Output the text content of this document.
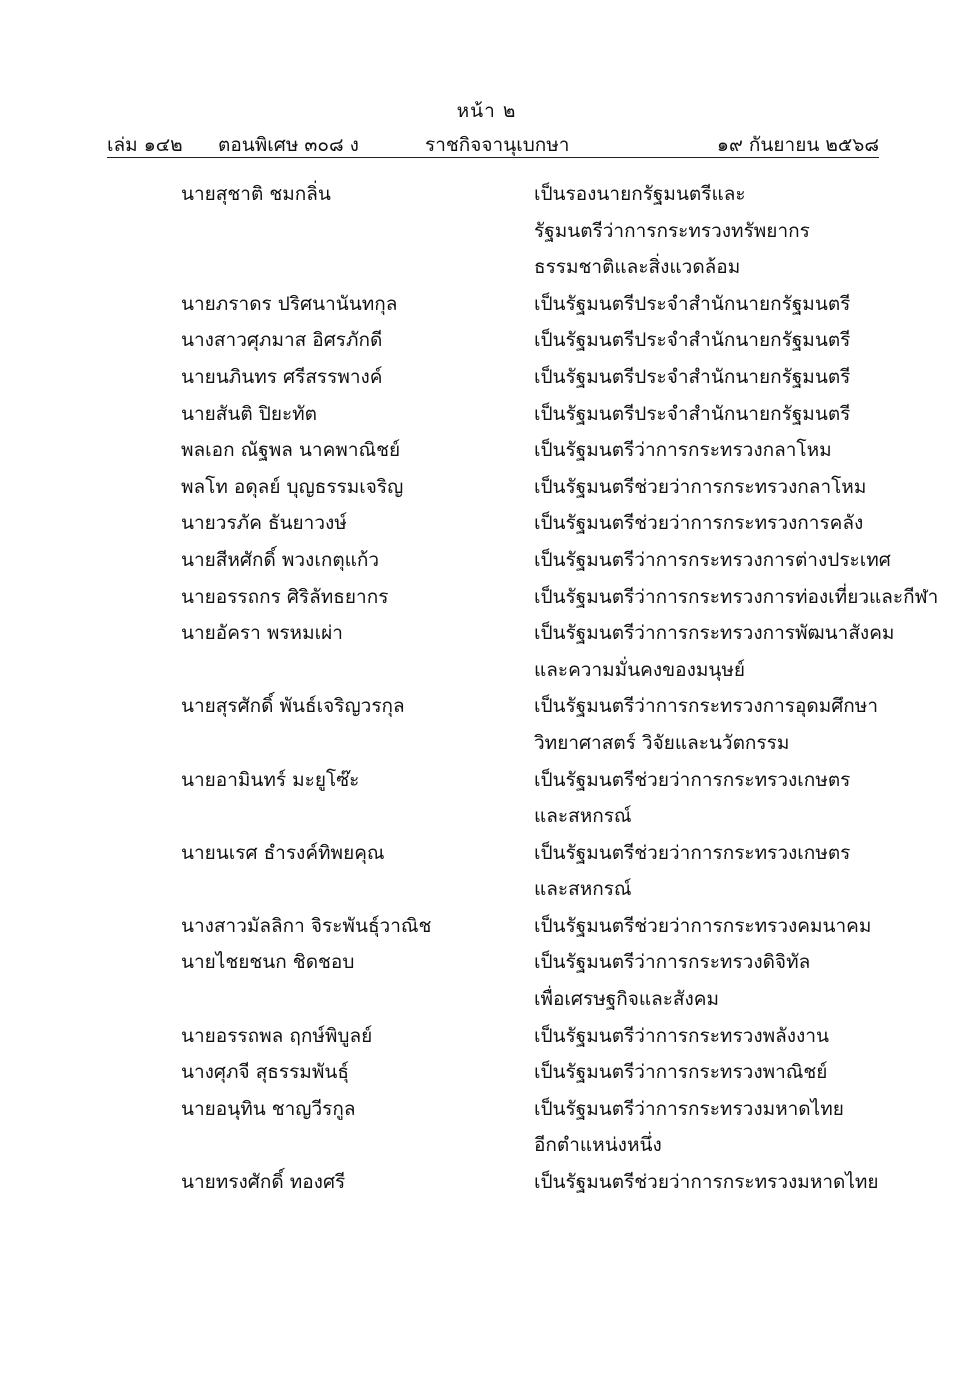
หน้า ๒
เล่ม ๑๔๒ ตอนพิเศษ ๓๐๘ ง	ราชกิจจานุเบกษา	๑๙ กันยายน ๒๕๖๘
นายสุชาติ ชมกลิ่น	เป็นรองนายกรัฐมนตรีและ
รัฐมนตรีว่าการกระทรวงทรัพยากร
ธรรมชาติและสิ่งแวดล้อม
นายภราดร ปริศนานันทกุล	เป็นรัฐมนตรีประจำสำนักนายกรัฐมนตรี
นางสาวศุภมาส อิศรภักดี	เป็นรัฐมนตรีประจำสำนักนายกรัฐมนตรี
นายนภินทร ศรีสรรพางค์	เป็นรัฐมนตรีประจำสำนักนายกรัฐมนตรี
นายสันติ ปิยะทัต	เป็นรัฐมนตรีประจำสำนักนายกรัฐมนตรี
พลเอก ณัฐพล นาคพาณิชย์	เป็นรัฐมนตรีว่าการกระทรวงกลาโหม
พลโท อดุลย์ บุญธรรมเจริญ	เป็นรัฐมนตรีช่วยว่าการกระทรวงกลาโหม
นายวรภัค ธันยาวงษ์	เป็นรัฐมนตรีช่วยว่าการกระทรวงการคลัง
นายสีหศักดิ์ พวงเกตุแก้ว	เป็นรัฐมนตรีว่าการกระทรวงการต่างประเทศ
นายอรรถกร ศิริลัทธยากร	เป็นรัฐมนตรีว่าการกระทรวงการท่องเที่ยวและกีฬา
นายอัครา พรหมเผ่า	เป็นรัฐมนตรีว่าการกระทรวงการพัฒนาสังคม
และความมั่นคงของมนุษย์
นายสุรศักดิ์ พันธ์เจริญวรกุล	เป็นรัฐมนตรีว่าการกระทรวงการอุดมศึกษา
วิทยาศาสตร์ วิจัยและนวัตกรรม
นายอามินทร์ มะยูโซ๊ะ	เป็นรัฐมนตรีช่วยว่าการกระทรวงเกษตร
และสหกรณ์
นายนเรศ ธำรงค์ทิพยคุณ	เป็นรัฐมนตรีช่วยว่าการกระทรวงเกษตร
และสหกรณ์
นางสาวมัลลิกา จิระพันธุ์วาณิช	เป็นรัฐมนตรีช่วยว่าการกระทรวงคมนาคม
นายไชยชนก ชิดชอบ	เป็นรัฐมนตรีว่าการกระทรวงดิจิทัล
เพื่อเศรษฐกิจและสังคม
นายอรรถพล ฤกษ์พิบูลย์	เป็นรัฐมนตรีว่าการกระทรวงพลังงาน
นางศุภจี สุธรรมพันธุ์	เป็นรัฐมนตรีว่าการกระทรวงพาณิชย์
นายอนุทิน ชาญวีรกูล	เป็นรัฐมนตรีว่าการกระทรวงมหาดไทย
อีกตำแหน่งหนึ่ง
นายทรงศักดิ์ ทองศรี	เป็นรัฐมนตรีช่วยว่าการกระทรวงมหาดไทย
